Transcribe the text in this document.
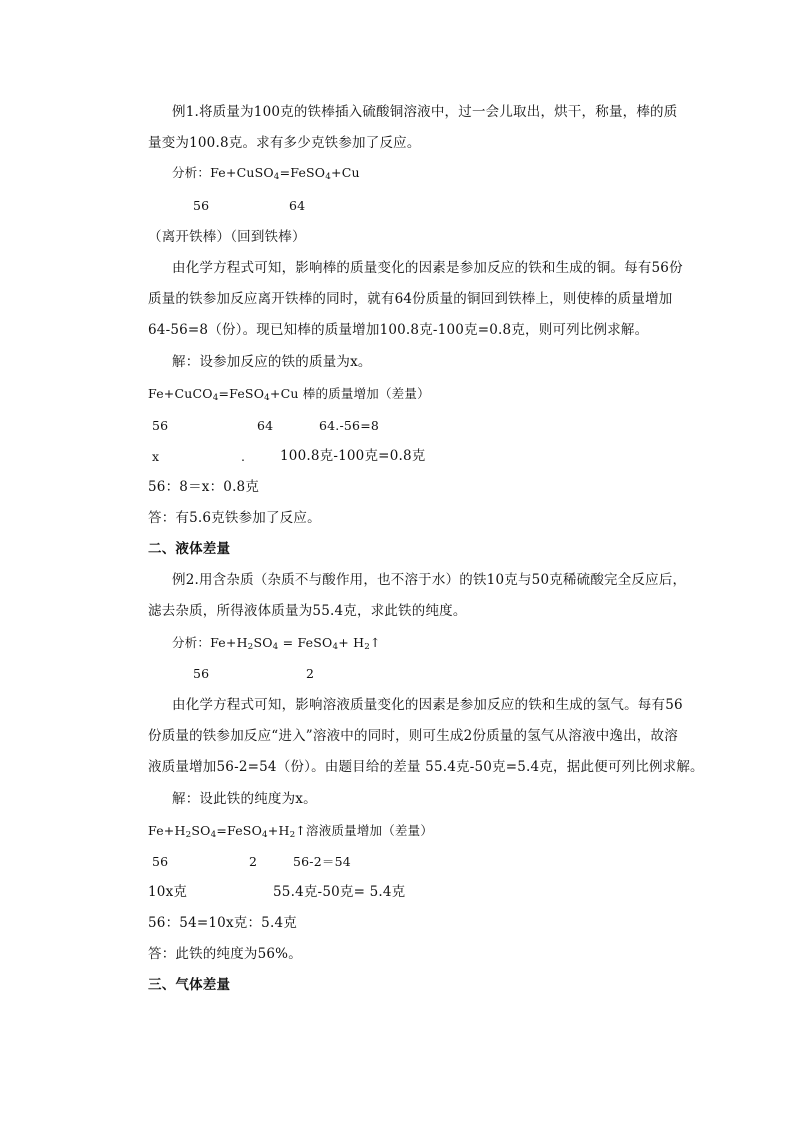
例1.将质量为100克的铁棒插入硫酸铜溶液中，过一会儿取出，烘干，称量，棒的质
量变为100.8克。求有多少克铁参加了反应。
分析：Fe+CuSO$_4$=FeSO$_4$+Cu
56	64
（离开铁棒）（回到铁棒）
由化学方程式可知，影响棒的质量变化的因素是参加反应的铁和生成的铜。每有56份
质量的铁参加反应离开铁棒的同时，就有64份质量的铜回到铁棒上，则使棒的质量增加
64-56=8（份）。现已知棒的质量增加100.8克-100克=0.8克，则可列比例求解。
解：设参加反应的铁的质量为x。
Fe+CuCO$_4$=FeSO$_4$+Cu 棒的质量增加（差量）
56	64	64.-56=8
x	.	100.8克-100克=0.8克
56：8＝x：0.8克
答：有5.6克铁参加了反应。
二、液体差量
例2.用含杂质（杂质不与酸作用，也不溶于水）的铁10克与50克稀硫酸完全反应后，
滤去杂质，所得液体质量为55.4克，求此铁的纯度。
分析：$Fe+H_2SO_4$ = FeSO$_4$+ $H_2↑$
56	2
由化学方程式可知，影响溶液质量变化的因素是参加反应的铁和生成的氢气。每有56
份质量的铁参加反应“进入”溶液中的同时，则可生成2份质量的氢气从溶液中逸出，故溶
液质量增加56-2=54（份）。由题目给的差量 55.4克-50克=5.4克，据此便可列比例求解。
解：设此铁的纯度为x。
$Fe+H_2SO_4=FeSO_4+H_2↑$溶液质量增加（差量）
56	2	56-2＝54
10x克	55.4克-50克= 5.4克
56：54=10x克：5.4克
答：此铁的纯度为56%。
三、气体差量
